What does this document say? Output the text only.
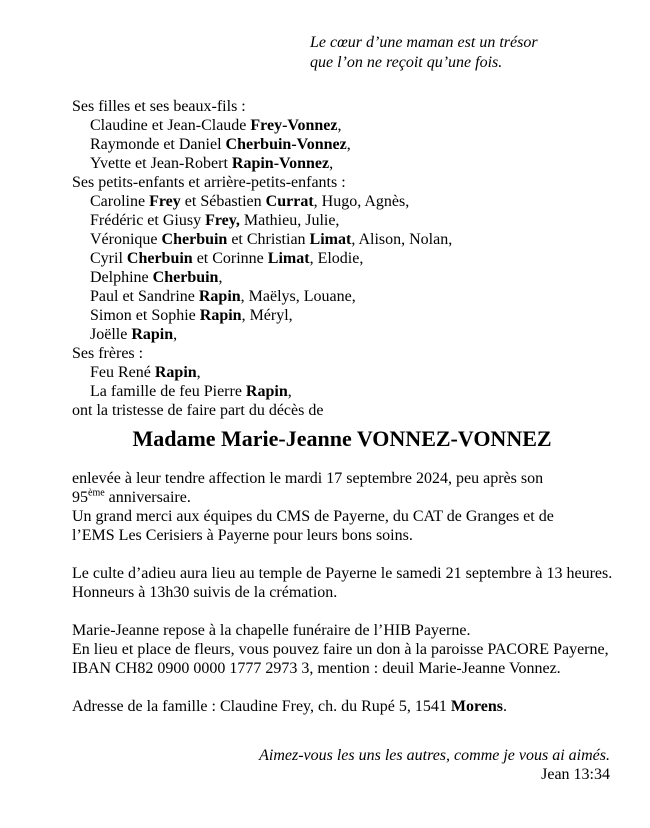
Le cœur d’une maman est un trésor
que l’on ne reçoit qu’une fois.
Ses filles et ses beaux-fils :
Claudine et Jean-Claude Frey-Vonnez,
Raymonde et Daniel Cherbuin-Vonnez,
Yvette et Jean-Robert Rapin-Vonnez,
Ses petits-enfants et arrière-petits-enfants :
Caroline Frey et Sébastien Currat, Hugo, Agnès,
Frédéric et Giusy Frey, Mathieu, Julie,
Véronique Cherbuin et Christian Limat, Alison, Nolan,
Cyril Cherbuin et Corinne Limat, Elodie,
Delphine Cherbuin,
Paul et Sandrine Rapin, Maëlys, Louane,
Simon et Sophie Rapin, Méryl,
Joëlle Rapin,
Ses frères :
Feu René Rapin,
La famille de feu Pierre Rapin,
ont la tristesse de faire part du décès de
Madame Marie-Jeanne VONNEZ-VONNEZ
enlevée à leur tendre affection le mardi 17 septembre 2024, peu après son
95ème anniversaire.
Un grand merci aux équipes du CMS de Payerne, du CAT de Granges et de
l’EMS Les Cerisiers à Payerne pour leurs bons soins.
Le culte d’adieu aura lieu au temple de Payerne le samedi 21 septembre à 13 heures.
Honneurs à 13h30 suivis de la crémation.
Marie-Jeanne repose à la chapelle funéraire de l’HIB Payerne.
En lieu et place de fleurs, vous pouvez faire un don à la paroisse PACORE Payerne,
IBAN CH82 0900 0000 1777 2973 3, mention : deuil Marie-Jeanne Vonnez.
Adresse de la famille : Claudine Frey, ch. du Rupé 5, 1541 Morens.
Aimez-vous les uns les autres, comme je vous ai aimés.
Jean 13:34
